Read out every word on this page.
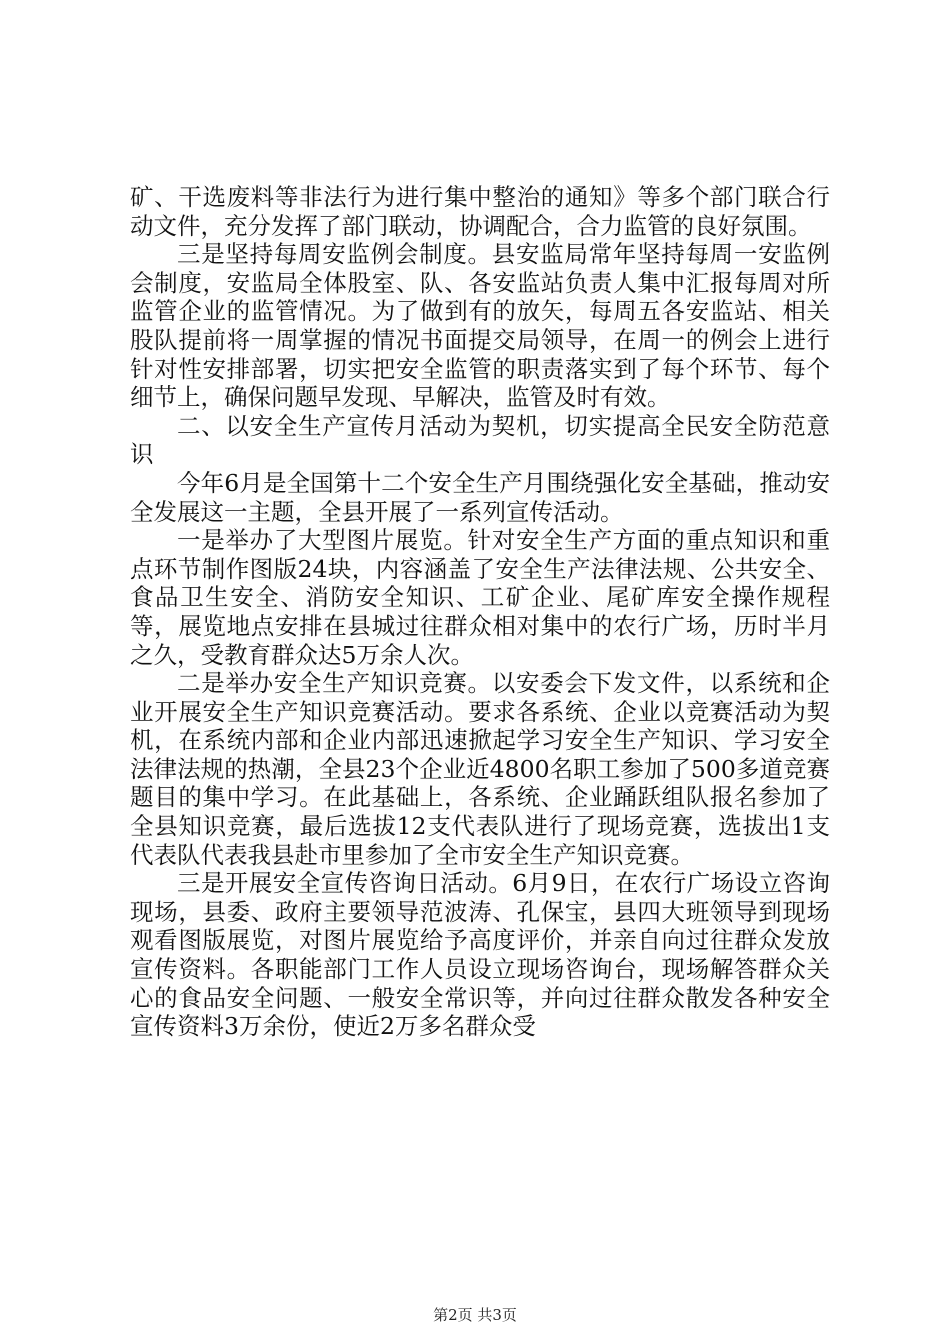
矿、干选废料等非法行为进行集中整治的通知》等多个部门联合行动文件，充分发挥了部门联动，协调配合，合力监管的良好氛围。

三是坚持每周安监例会制度。县安监局常年坚持每周一安监例会制度，安监局全体股室、队、各安监站负责人集中汇报每周对所监管企业的监管情况。为了做到有的放矢，每周五各安监站、相关股队提前将一周掌握的情况书面提交局领导，在周一的例会上进行针对性安排部署，切实把安全监管的职责落实到了每个环节、每个细节上，确保问题早发现、早解决，监管及时有效。

二、以安全生产宣传月活动为契机，切实提高全民安全防范意识

今年6月是全国第十二个安全生产月围绕强化安全基础，推动安全发展这一主题，全县开展了一系列宣传活动。

一是举办了大型图片展览。针对安全生产方面的重点知识和重点环节制作图版24块，内容涵盖了安全生产法律法规、公共安全、食品卫生安全、消防安全知识、工矿企业、尾矿库安全操作规程等，展览地点安排在县城过往群众相对集中的农行广场，历时半月之久，受教育群众达5万余人次。

二是举办安全生产知识竞赛。以安委会下发文件，以系统和企业开展安全生产知识竞赛活动。要求各系统、企业以竞赛活动为契机，在系统内部和企业内部迅速掀起学习安全生产知识、学习安全法律法规的热潮，全县23个企业近4800名职工参加了500多道竞赛题目的集中学习。在此基础上，各系统、企业踊跃组队报名参加了全县知识竞赛，最后选拔12支代表队进行了现场竞赛，选拔出1支代表队代表我县赴市里参加了全市安全生产知识竞赛。

三是开展安全宣传咨询日活动。6月9日，在农行广场设立咨询现场，县委、政府主要领导范波涛、孔保宝，县四大班领导到现场观看图版展览，对图片展览给予高度评价，并亲自向过往群众发放宣传资料。各职能部门工作人员设立现场咨询台，现场解答群众关心的食品安全问题、一般安全常识等，并向过往群众散发各种安全宣传资料3万余份，使近2万多名群众受

第2页 共3页
